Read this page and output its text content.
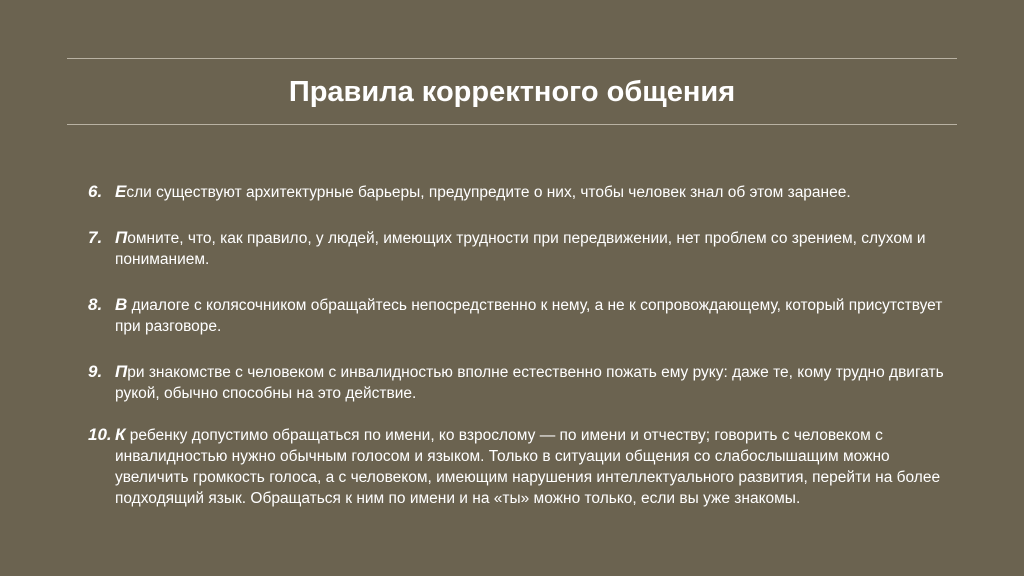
Правила корректного общения
6. Если существуют архитектурные барьеры, предупредите о них, чтобы человек знал об этом заранее.
7. Помните, что, как правило, у людей, имеющих трудности при передвижении, нет проблем со зрением, слухом и пониманием.
8. В диалоге с колясочником обращайтесь непосредственно к нему, а не к сопровождающему, который присутствует при разговоре.
9. При знакомстве с человеком с инвалидностью вполне естественно пожать ему руку: даже те, кому трудно двигать рукой, обычно способны на это действие.
10. К ребенку допустимо обращаться по имени, ко взрослому — по имени и отчеству; говорить с человеком с инвалидностью нужно обычным голосом и языком. Только в ситуации общения со слабослышащим можно увеличить громкость голоса, а с человеком, имеющим нарушения интеллектуального развития, перейти на более подходящий язык. Обращаться к ним по имени и на «ты» можно только, если вы уже знакомы.
